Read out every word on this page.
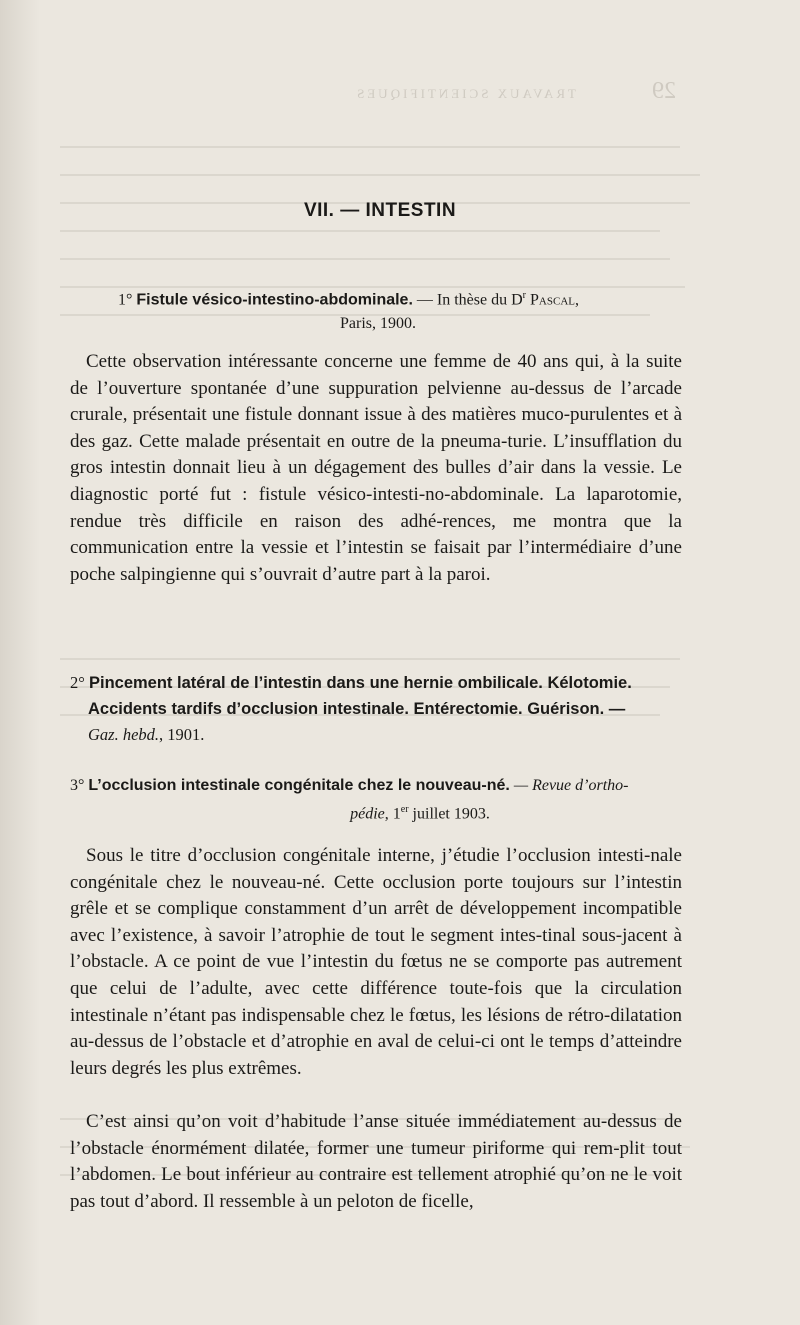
TRAVAUX SCIENTIFIQUES	29
VII. — INTESTIN
1° Fistule vésico-intestino-abdominale. — In thèse du $D^r$ Pascal,
Paris, 1900.
Cette observation intéressante concerne une femme de 40 ans qui, à la suite de l’ouverture spontanée d’une suppuration pelvienne au-dessus de l’arcade crurale, présentait une fistule donnant issue à des matières muco-purulentes et à des gaz. Cette malade présentait en outre de la pneuma-turie. L’insufflation du gros intestin donnait lieu à un dégagement des bulles d’air dans la vessie. Le diagnostic porté fut : fistule vésico-intesti-no-abdominale. La laparotomie, rendue très difficile en raison des adhé-rences, me montra que la communication entre la vessie et l’intestin se faisait par l’intermédiaire d’une poche salpingienne qui s’ouvrait d’autre part à la paroi.
2° Pincement latéral de l’intestin dans une hernie ombilicale. Kélotomie.
Accidents tardifs d’occlusion intestinale. Entérectomie. Guérison. —
Gaz. hebd., 1901.
3° L’occlusion intestinale congénitale chez le nouveau-né. — Revue d’ortho-
pédie, 1er juillet 1903.
Sous le titre d’occlusion congénitale interne, j’étudie l’occlusion intesti-nale congénitale chez le nouveau-né. Cette occlusion porte toujours sur l’intestin grêle et se complique constamment d’un arrêt de développement incompatible avec l’existence, à savoir l’atrophie de tout le segment intes-tinal sous-jacent à l’obstacle. A ce point de vue l’intestin du fœtus ne se comporte pas autrement que celui de l’adulte, avec cette différence toute-fois que la circulation intestinale n’étant pas indispensable chez le fœtus, les lésions de rétro-dilatation au-dessus de l’obstacle et d’atrophie en aval de celui-ci ont le temps d’atteindre leurs degrés les plus extrêmes.
C’est ainsi qu’on voit d’habitude l’anse située immédiatement au-dessus de l’obstacle énormément dilatée, former une tumeur piriforme qui rem-plit tout l’abdomen. Le bout inférieur au contraire est tellement atrophié qu’on ne le voit pas tout d’abord. Il ressemble à un peloton de ficelle,
